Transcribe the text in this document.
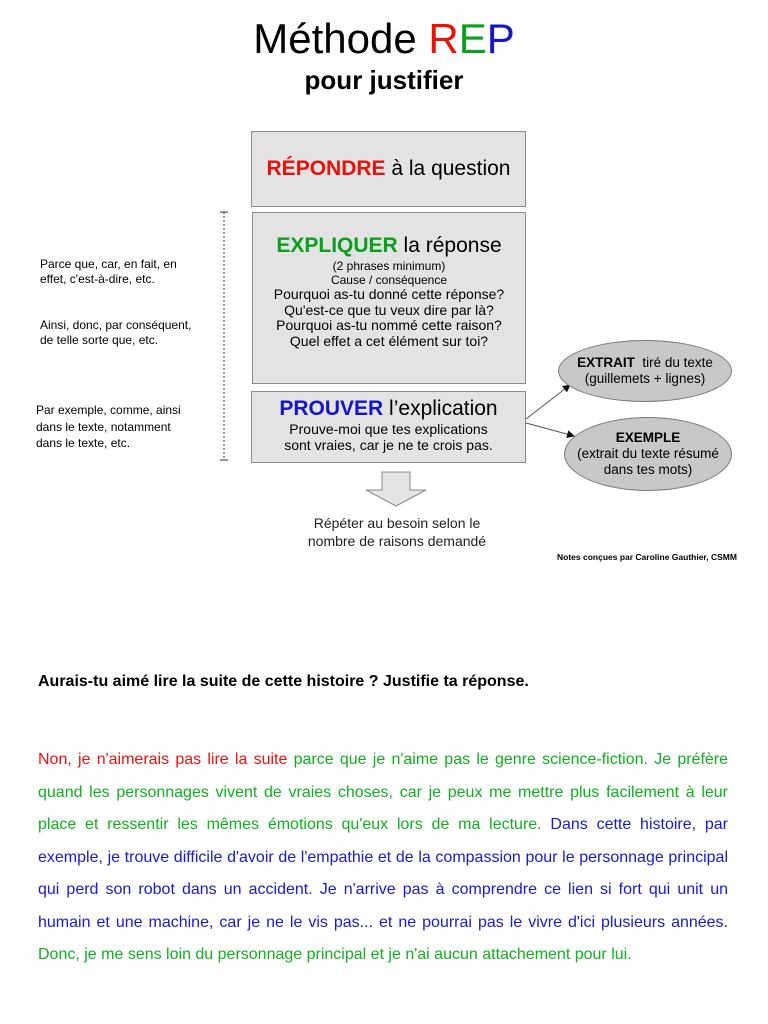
Méthode REP
pour justifier
RÉPONDRE à la question
EXPLIQUER la réponse
(2 phrases minimum)
Cause / conséquence
Pourquoi as-tu donné cette réponse?
Qu'est-ce que tu veux dire par là?
Pourquoi as-tu nommé cette raison?
Quel effet a cet élément sur toi?
PROUVER l’explication
Prouve-moi que tes explications
sont vraies, car je ne te crois pas.
Parce que, car, en fait, en
effet, c'est-à-dire, etc.
Ainsi, donc, par conséquent,
de telle sorte que, etc.
Par exemple, comme, ainsi
dans le texte, notamment
dans le texte, etc.
EXTRAIT  tiré du texte
(guillemets + lignes)
EXEMPLE
(extrait du texte résumé
dans tes mots)
Répéter au besoin selon le
nombre de raisons demandé
Notes conçues par Caroline Gauthier, CSMM
Aurais-tu aimé lire la suite de cette histoire ? Justifie ta réponse.
Non, je n'aimerais pas lire la suite parce que je n'aime pas le genre science-fiction. Je préfère quand les personnages vivent de vraies choses, car je peux me mettre plus facilement à leur place et ressentir les mêmes émotions qu'eux lors de ma lecture. Dans cette histoire, par exemple, je trouve difficile d'avoir de l'empathie et de la compassion pour le personnage principal qui perd son robot dans un accident. Je n'arrive pas à comprendre ce lien si fort qui unit un humain et une machine, car je ne le vis pas... et ne pourrai pas le vivre d'ici plusieurs années. Donc, je me sens loin du personnage principal et je n'ai aucun attachement pour lui.
